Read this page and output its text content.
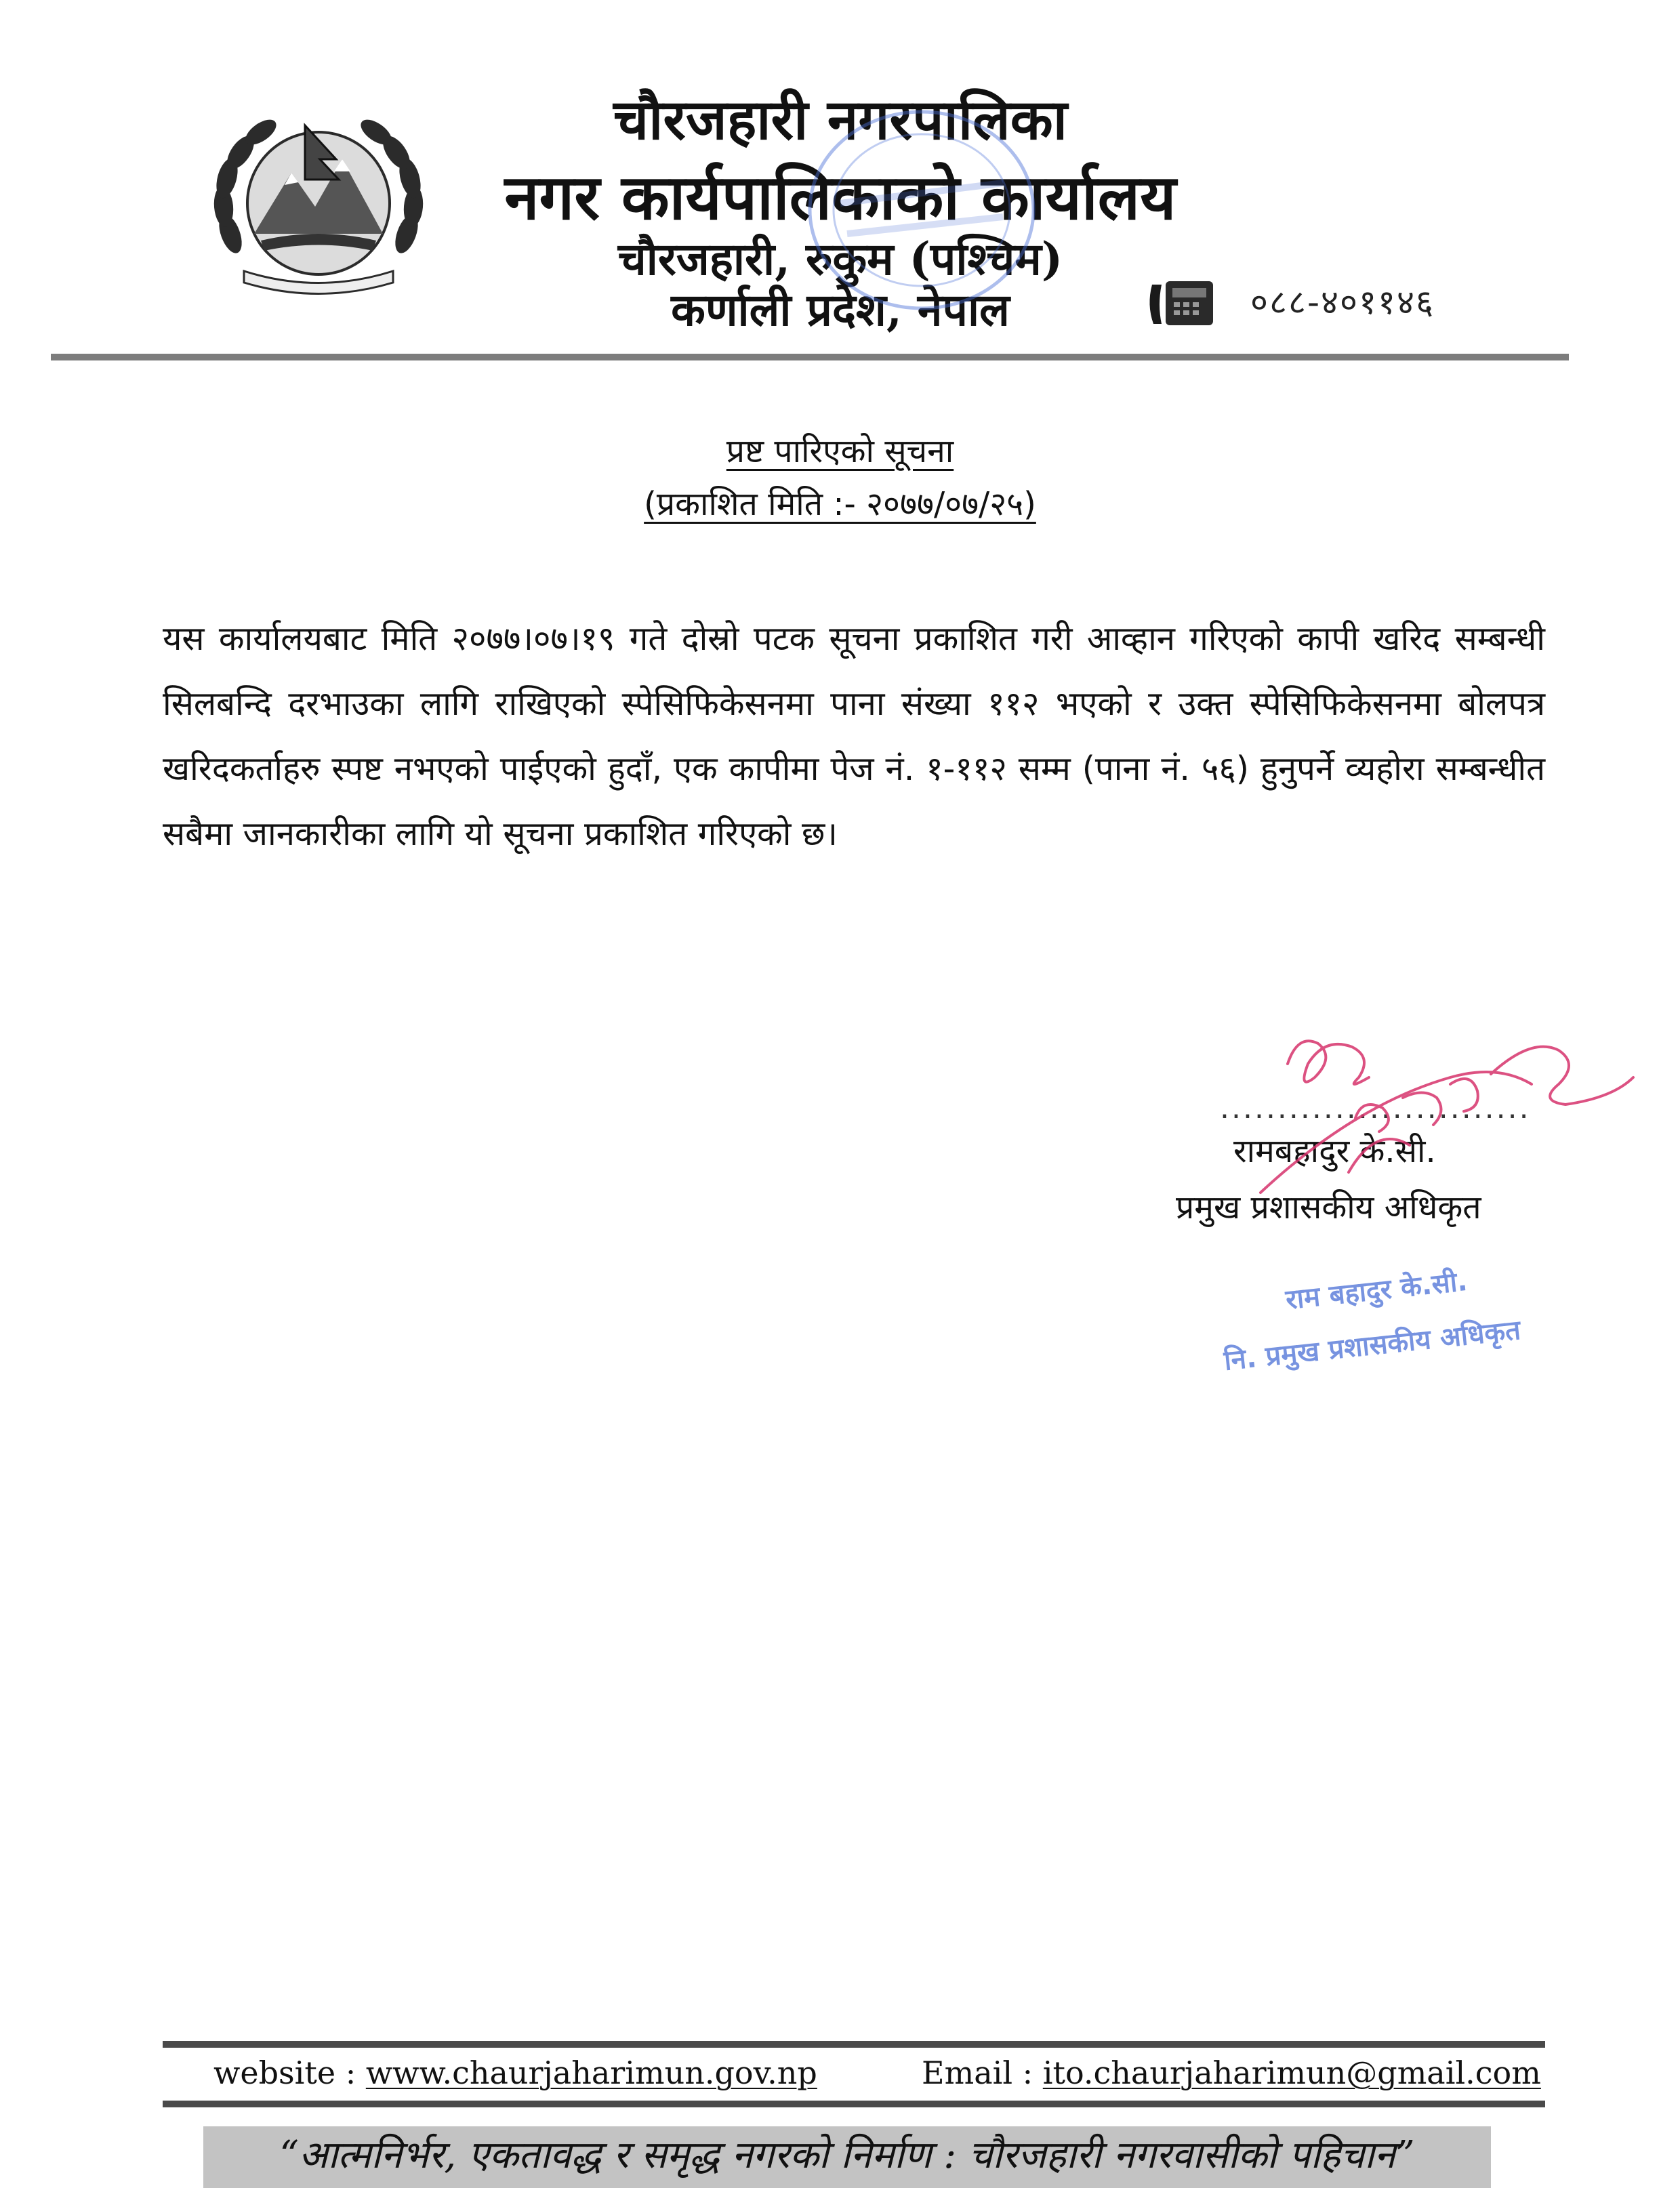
चौरजहारी नगरपालिका
नगर कार्यपालिकाको कार्यालय
चौरजहारी, रुकुम (पश्चिम)
कर्णाली प्रदेश, नेपाल	०८८-४०११४६
प्रष्ट पारिएको सूचना
(प्रकाशित मिति :- २०७७/०७/२५)
यस कार्यालयबाट मिति २०७७।०७।१९ गते दोस्रो पटक सूचना प्रकाशित गरी आव्हान गरिएको कापी खरिद सम्बन्धी सिलबन्दि दरभाउका लागि राखिएको स्पेसिफिकेसनमा पाना संख्या ११२ भएको र उक्त स्पेसिफिकेसनमा बोलपत्र खरिदकर्ताहरु स्पष्ट नभएको पाईएको हुदाँ, एक कापीमा पेज नं. १-११२ सम्म (पाना नं. ५६) हुनुपर्ने व्यहोरा सम्बन्धीत सबैमा जानकारीका लागि यो सूचना प्रकाशित गरिएको छ।
...........................
रामबहादुर के.सी.
प्रमुख प्रशासकीय अधिकृत
राम बहादुर के.सी.
नि. प्रमुख प्रशासकीय अधिकृत
website : www.chaurjaharimun.gov.np	Email : ito.chaurjaharimun@gmail.com
“आत्मनिर्भर, एकतावद्ध र समृद्ध नगरको निर्माण : चौरजहारी नगरवासीको पहिचान”
